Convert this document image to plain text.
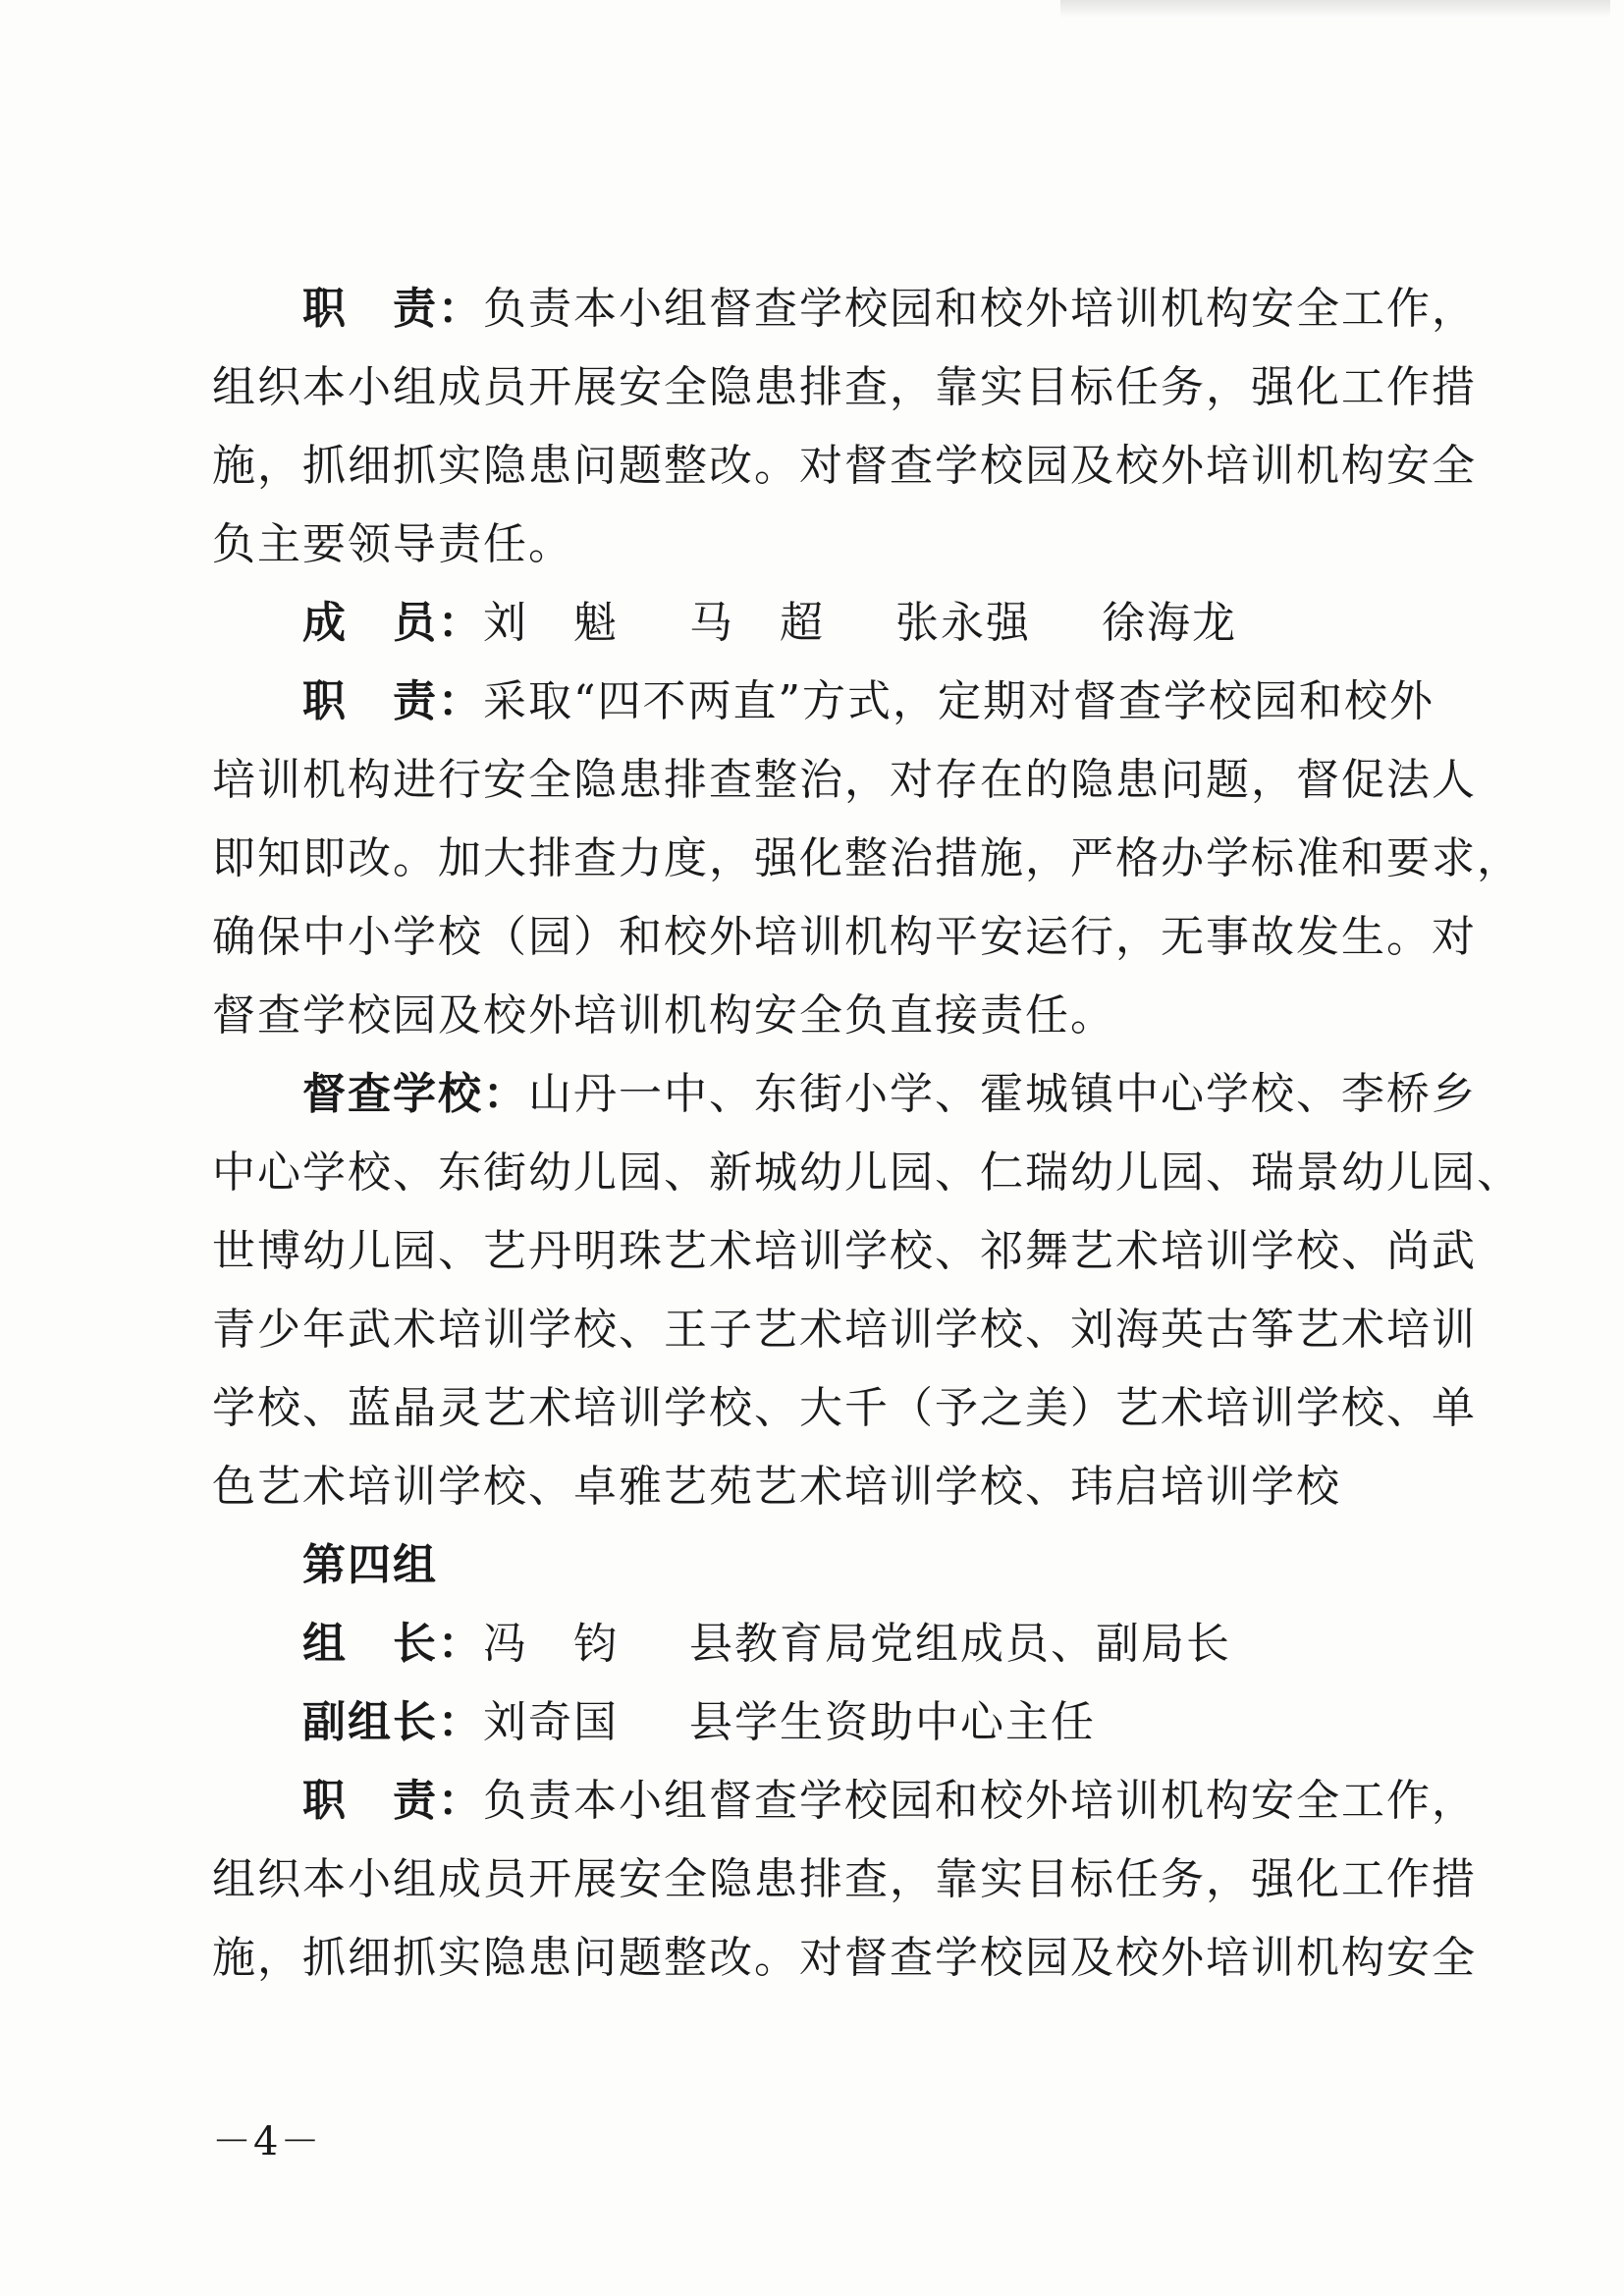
职　责：负责本小组督查学校园和校外培训机构安全工作，

组织本小组成员开展安全隐患排查，靠实目标任务，强化工作措

施，抓细抓实隐患问题整改。对督查学校园及校外培训机构安全

负主要领导责任。

成　员：刘　魁 马　超 张永强 徐海龙

职　责：采取“四不两直”方式，定期对督查学校园和校外

培训机构进行安全隐患排查整治，对存在的隐患问题，督促法人

即知即改。加大排查力度，强化整治措施，严格办学标准和要求，

确保中小学校（园）和校外培训机构平安运行，无事故发生。对

督查学校园及校外培训机构安全负直接责任。

督查学校：山丹一中、东街小学、霍城镇中心学校、李桥乡

中心学校、东街幼儿园、新城幼儿园、仁瑞幼儿园、瑞景幼儿园、

世博幼儿园、艺丹明珠艺术培训学校、祁舞艺术培训学校、尚武

青少年武术培训学校、王子艺术培训学校、刘海英古筝艺术培训

学校、蓝晶灵艺术培训学校、大千（予之美）艺术培训学校、单

色艺术培训学校、卓雅艺苑艺术培训学校、玮启培训学校

第四组

组　长：冯　钧 县教育局党组成员、副局长

副组长：刘奇国 县学生资助中心主任

职　责：负责本小组督查学校园和校外培训机构安全工作，

组织本小组成员开展安全隐患排查，靠实目标任务，强化工作措

施，抓细抓实隐患问题整改。对督查学校园及校外培训机构安全

－4－
